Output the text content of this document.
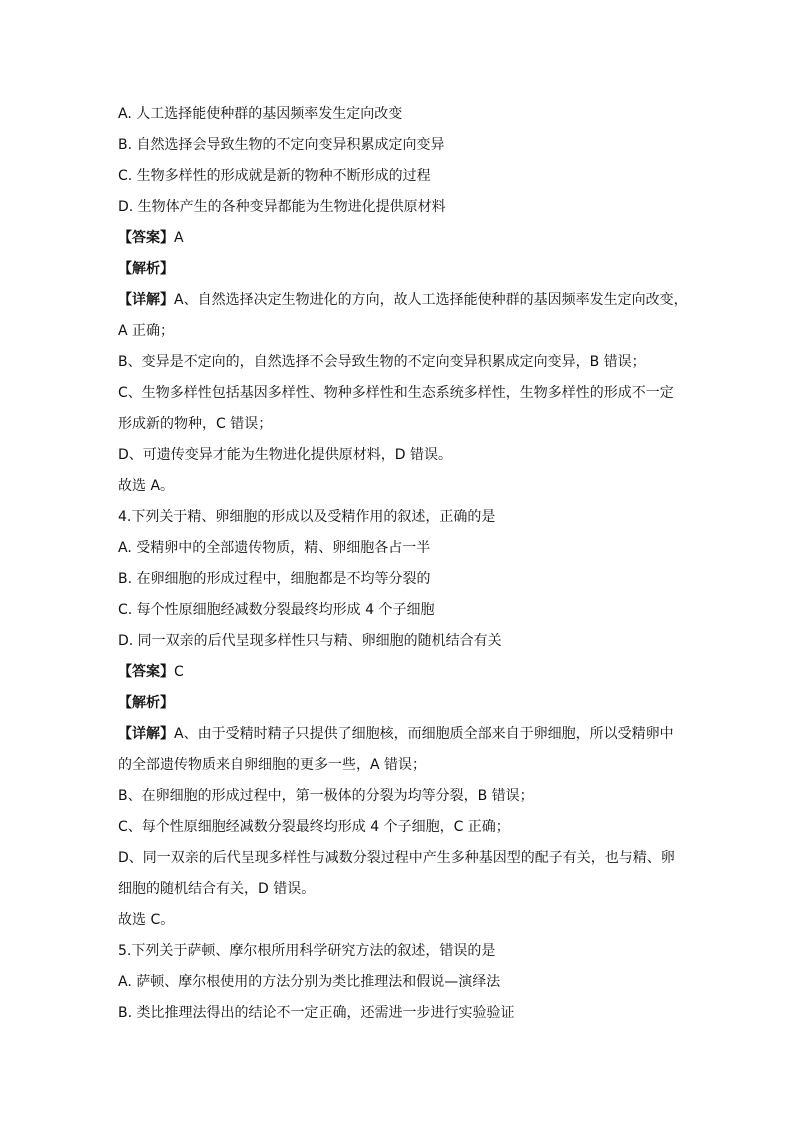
A. 人工选择能使种群的基因频率发生定向改变
B. 自然选择会导致生物的不定向变异积累成定向变异
C. 生物多样性的形成就是新的物种不断形成的过程
D. 生物体产生的各种变异都能为生物进化提供原材料
【答案】A
【解析】
【详解】A、自然选择决定生物进化的方向，故人工选择能使种群的基因频率发生定向改变，
A 正确；
B、变异是不定向的，自然选择不会导致生物的不定向变异积累成定向变异，B 错误；
C、生物多样性包括基因多样性、物种多样性和生态系统多样性，生物多样性的形成不一定
形成新的物种，C 错误；
D、可遗传变异才能为生物进化提供原材料，D 错误。
故选 A。
4.下列关于精、卵细胞的形成以及受精作用的叙述，正确的是
A. 受精卵中的全部遗传物质，精、卵细胞各占一半
B. 在卵细胞的形成过程中，细胞都是不均等分裂的
C. 每个性原细胞经减数分裂最终均形成 4 个子细胞
D. 同一双亲的后代呈现多样性只与精、卵细胞的随机结合有关
【答案】C
【解析】
【详解】A、由于受精时精子只提供了细胞核，而细胞质全部来自于卵细胞，所以受精卵中
的全部遗传物质来自卵细胞的更多一些，A 错误；
B、在卵细胞的形成过程中，第一极体的分裂为均等分裂，B 错误；
C、每个性原细胞经减数分裂最终均形成 4 个子细胞，C 正确；
D、同一双亲的后代呈现多样性与减数分裂过程中产生多种基因型的配子有关，也与精、卵
细胞的随机结合有关，D 错误。
故选 C。
5.下列关于萨顿、摩尔根所用科学研究方法的叙述，错误的是
A. 萨顿、摩尔根使用的方法分别为类比推理法和假说—演绎法
B. 类比推理法得出的结论不一定正确，还需进一步进行实验验证
